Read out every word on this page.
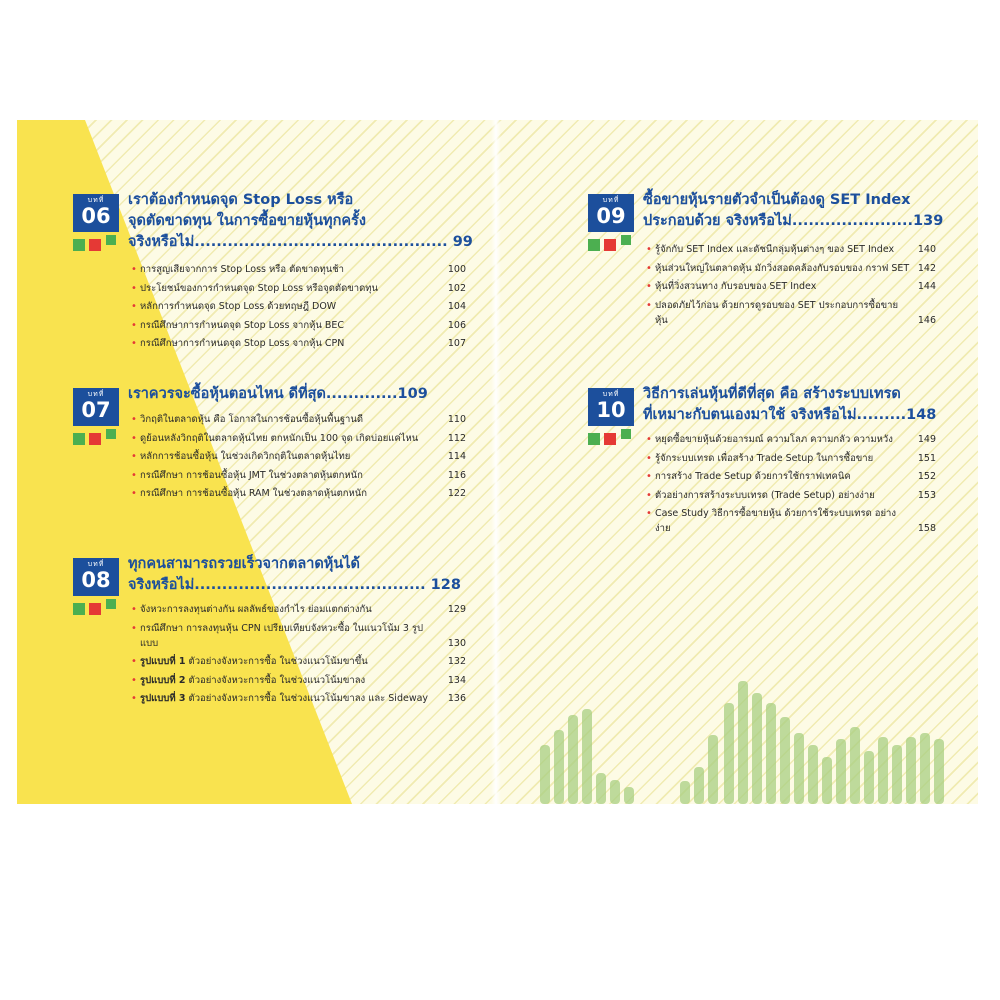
บทที่
06
เราต้องกำหนดจุด Stop Loss หรือ
จุดตัดขาดทุน ในการซื้อขายหุ้นทุกครั้ง
จริงหรือไม่.............................................. 99
• การสูญเสียจากการ Stop Loss หรือ ตัดขาดทุนช้า	100
• ประโยชน์ของการกำหนดจุด Stop Loss หรือจุดตัดขาดทุน	102
• หลักการกำหนดจุด Stop Loss ด้วยทฤษฎี DOW	104
• กรณีศึกษาการกำหนดจุด Stop Loss จากหุ้น BEC	106
• กรณีศึกษาการกำหนดจุด Stop Loss จากหุ้น CPN	107
บทที่
07
เราควรจะซื้อหุ้นตอนไหน ดีที่สุด.............109
• วิกฤติในตลาดหุ้น คือ โอกาสในการช้อนซื้อหุ้นพื้นฐานดี	110
• ดูย้อนหลังวิกฤติในตลาดหุ้นไทย ตกหนักเป็น 100 จุด เกิดบ่อยแค่ไหน	112
• หลักการช้อนซื้อหุ้น ในช่วงเกิดวิกฤติในตลาดหุ้นไทย	114
• กรณีศึกษา การช้อนซื้อหุ้น JMT ในช่วงตลาดหุ้นตกหนัก	116
• กรณีศึกษา การช้อนซื้อหุ้น RAM ในช่วงตลาดหุ้นตกหนัก	122
บทที่
08
ทุกคนสามารถรวยเร็วจากตลาดหุ้นได้
จริงหรือไม่.......................................... 128
• จังหวะการลงทุนต่างกัน ผลลัพธ์ของกำไร ย่อมแตกต่างกัน	129
• กรณีศึกษา การลงทุนหุ้น CPN เปรียบเทียบจังหวะซื้อ ในแนวโน้ม 3 รูปแบบ	130
• รูปแบบที่ 1 ตัวอย่างจังหวะการซื้อ ในช่วงแนวโน้มขาขึ้น	132
• รูปแบบที่ 2 ตัวอย่างจังหวะการซื้อ ในช่วงแนวโน้มขาลง	134
• รูปแบบที่ 3 ตัวอย่างจังหวะการซื้อ ในช่วงแนวโน้มขาลง และ Sideway 136
บทที่
09
ซื้อขายหุ้นรายตัวจำเป็นต้องดู SET Index
ประกอบด้วย จริงหรือไม่......................139
• รู้จักกับ SET Index และดัชนีกลุ่มหุ้นต่างๆ ของ SET Index 140
• หุ้นส่วนใหญ่ในตลาดหุ้น มักวิ่งสอดคล้องกับรอบของ กราฟ SET 142
• หุ้นที่วิ่งสวนทาง กับรอบของ SET Index	144
• ปลอดภัยไว้ก่อน ด้วยการดูรอบของ SET ประกอบการซื้อขายหุ้น	146
บทที่
10
วิธีการเล่นหุ้นที่ดีที่สุด คือ สร้างระบบเทรด
ที่เหมาะกับตนเองมาใช้ จริงหรือไม่.........148
• หยุดซื้อขายหุ้นด้วยอารมณ์ ความโลภ ความกลัว ความหวัง	149
• รู้จักระบบเทรด เพื่อสร้าง Trade Setup ในการซื้อขาย	151
• การสร้าง Trade Setup ด้วยการใช้กราฟเทคนิค	152
• ตัวอย่างการสร้างระบบเทรด (Trade Setup) อย่างง่าย	153
• Case Study วิธีการซื้อขายหุ้น ด้วยการใช้ระบบเทรด อย่างง่าย	158
